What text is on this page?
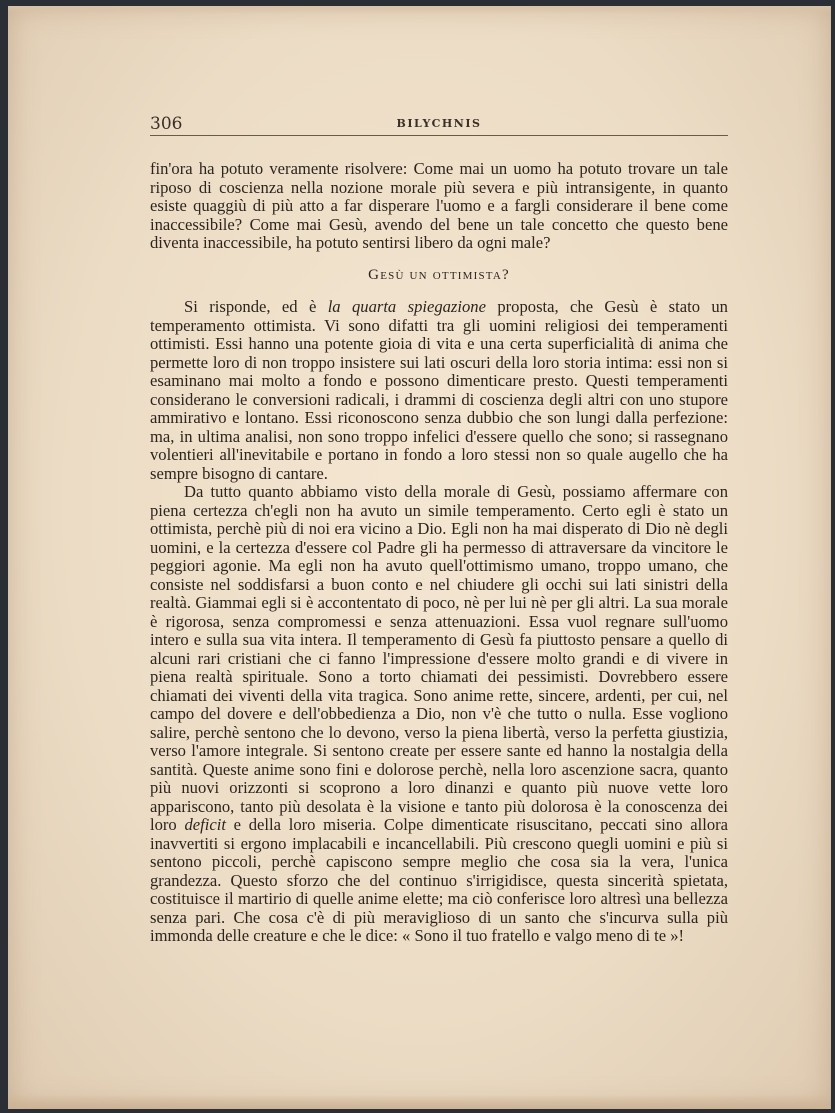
306	BILYCHNIS

fin'ora ha potuto veramente risolvere: Come mai un uomo ha potuto trovare un tale riposo di coscienza nella nozione morale più severa e più intransigente, in quanto esiste quaggiù di più atto a far disperare l'uomo e a fargli considerare il bene come inaccessibile? Come mai Gesù, avendo del bene un tale concetto che questo bene diventa inaccessibile, ha potuto sentirsi libero da ogni male?

Gesù un ottimista?

Si risponde, ed è la quarta spiegazione proposta, che Gesù è stato un temperamento ottimista. Vi sono difatti tra gli uomini religiosi dei temperamenti ottimisti. Essi hanno una potente gioia di vita e una certa superficialità di anima che permette loro di non troppo insistere sui lati oscuri della loro storia intima: essi non si esaminano mai molto a fondo e possono dimenticare presto. Questi temperamenti considerano le conversioni radicali, i drammi di coscienza degli altri con uno stupore ammirativo e lontano. Essi riconoscono senza dubbio che son lungi dalla perfezione: ma, in ultima analisi, non sono troppo infelici d'essere quello che sono; si rassegnano volentieri all'inevitabile e portano in fondo a loro stessi non so quale augello che ha sempre bisogno di cantare.

Da tutto quanto abbiamo visto della morale di Gesù, possiamo affermare con piena certezza ch'egli non ha avuto un simile temperamento. Certo egli è stato un ottimista, perchè più di noi era vicino a Dio. Egli non ha mai disperato di Dio nè degli uomini, e la certezza d'essere col Padre gli ha permesso di attraversare da vincitore le peggiori agonie. Ma egli non ha avuto quell'ottimismo umano, troppo umano, che consiste nel soddisfarsi a buon conto e nel chiudere gli occhi sui lati sinistri della realtà. Giammai egli si è accontentato di poco, nè per lui nè per gli altri. La sua morale è rigorosa, senza compromessi e senza attenuazioni. Essa vuol regnare sull'uomo intero e sulla sua vita intera. Il temperamento di Gesù fa piuttosto pensare a quello di alcuni rari cristiani che ci fanno l'impressione d'essere molto grandi e di vivere in piena realtà spirituale. Sono a torto chiamati dei pessimisti. Dovrebbero essere chiamati dei viventi della vita tragica. Sono anime rette, sincere, ardenti, per cui, nel campo del dovere e dell'obbedienza a Dio, non v'è che tutto o nulla. Esse vogliono salire, perchè sentono che lo devono, verso la piena libertà, verso la perfetta giustizia, verso l'amore integrale. Si sentono create per essere sante ed hanno la nostalgia della santità. Queste anime sono fini e dolorose perchè, nella loro ascenzione sacra, quanto più nuovi orizzonti si scoprono a loro dinanzi e quanto più nuove vette loro appariscono, tanto più desolata è la visione e tanto più dolorosa è la conoscenza dei loro deficit e della loro miseria. Colpe dimenticate risuscitano, peccati sino allora inavvertiti si ergono implacabili e incancellabili. Più crescono quegli uomini e più si sentono piccoli, perchè capiscono sempre meglio che cosa sia la vera, l'unica grandezza. Questo sforzo che del continuo s'irrigidisce, questa sincerità spietata, costituisce il martirio di quelle anime elette; ma ciò conferisce loro altresì una bellezza senza pari. Che cosa c'è di più meraviglioso di un santo che s'incurva sulla più immonda delle creature e che le dice: « Sono il tuo fratello e valgo meno di te »!
